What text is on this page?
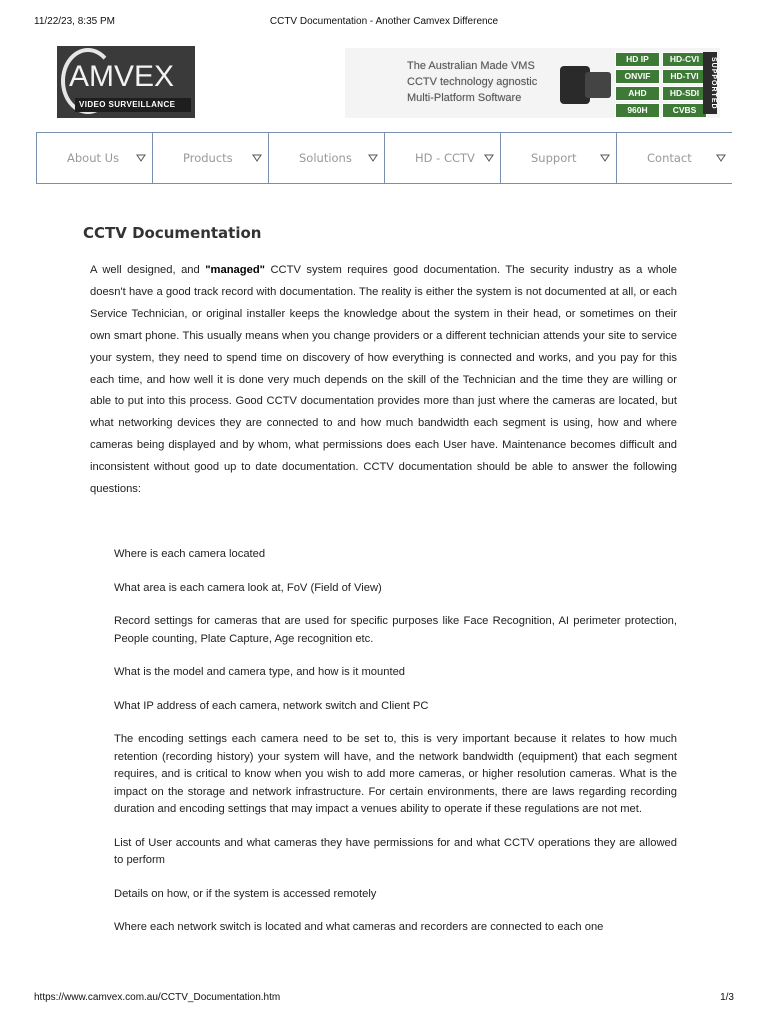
11/22/23, 8:35 PM	CCTV Documentation - Another Camvex Difference
AMVEX
VIDEO SURVEILLANCE
The Australian Made VMS
CCTV technology agnostic
Multi-Platform Software
HD IP	HD-CVI
ONVIF	HD-TVI
AHD	HD-SDI
960H	CVBS
SUPPORTED
About Us	Products	Solutions	HD - CCTV	Support	Contact
CCTV Documentation

A well designed, and "managed" CCTV system requires good documentation. The security industry as a whole doesn't have a good track record with documentation. The reality is either the system is not documented at all, or each Service Technician, or original installer keeps the knowledge about the system in their head, or sometimes on their own smart phone. This usually means when you change providers or a different technician attends your site to service your system, they need to spend time on discovery of how everything is connected and works, and you pay for this each time, and how well it is done very much depends on the skill of the Technician and the time they are willing or able to put into this process. Good CCTV documentation provides more than just where the cameras are located, but what networking devices they are connected to and how much bandwidth each segment is using, how and where cameras being displayed and by whom, what permissions does each User have. Maintenance becomes difficult and inconsistent without good up to date documentation. CCTV documentation should be able to answer the following questions:

Where is each camera located
What area is each camera look at, FoV (Field of View)
Record settings for cameras that are used for specific purposes like Face Recognition, AI perimeter protection, People counting, Plate Capture, Age recognition etc.
What is the model and camera type, and how is it mounted
What IP address of each camera, network switch and Client PC
The encoding settings each camera need to be set to, this is very important because it relates to how much retention (recording history) your system will have, and the network bandwidth (equipment) that each segment requires, and is critical to know when you wish to add more cameras, or higher resolution cameras. What is the impact on the storage and network infrastructure. For certain environments, there are laws regarding recording duration and encoding settings that may impact a venues ability to operate if these regulations are not met.
List of User accounts and what cameras they have permissions for and what CCTV operations they are allowed to perform
Details on how, or if the system is accessed remotely
Where each network switch is located and what cameras and recorders are connected to each one
https://www.camvex.com.au/CCTV_Documentation.htm	1/3
